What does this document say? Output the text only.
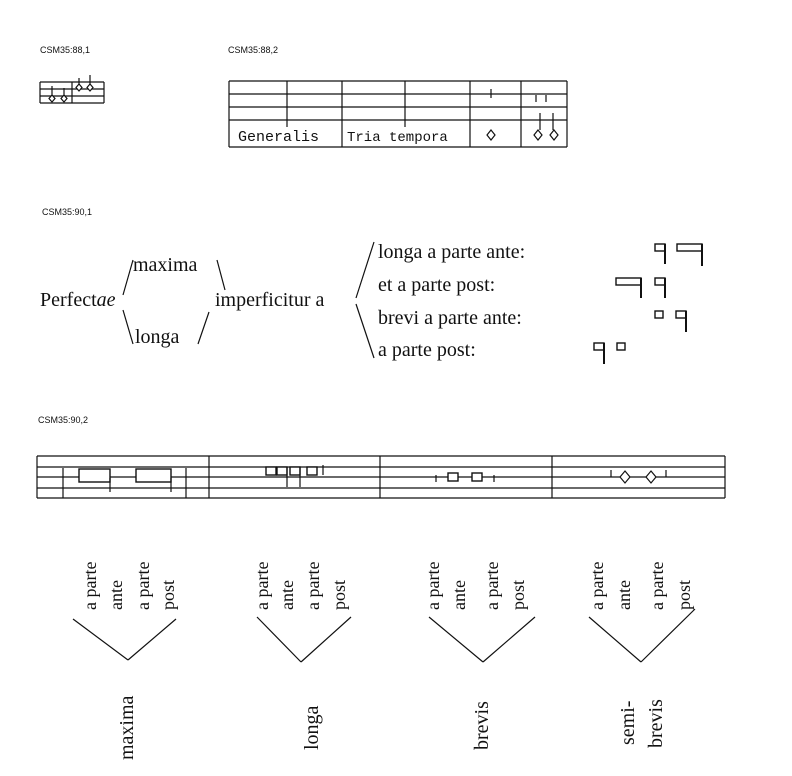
CSM35:88,1	CSM35:88,2
Generalis Tria tempora
CSM35:90,1
Perfectae
maxima
longa
imperficitur a
longa a parte ante:
et a parte post:
brevi a parte ante:
a parte post:
CSM35:90,2
a parte ante a parte post
maxima
a parte ante a parte post
longa
a parte ante a parte post
brevis
a parte ante a parte post
semi- brevis
